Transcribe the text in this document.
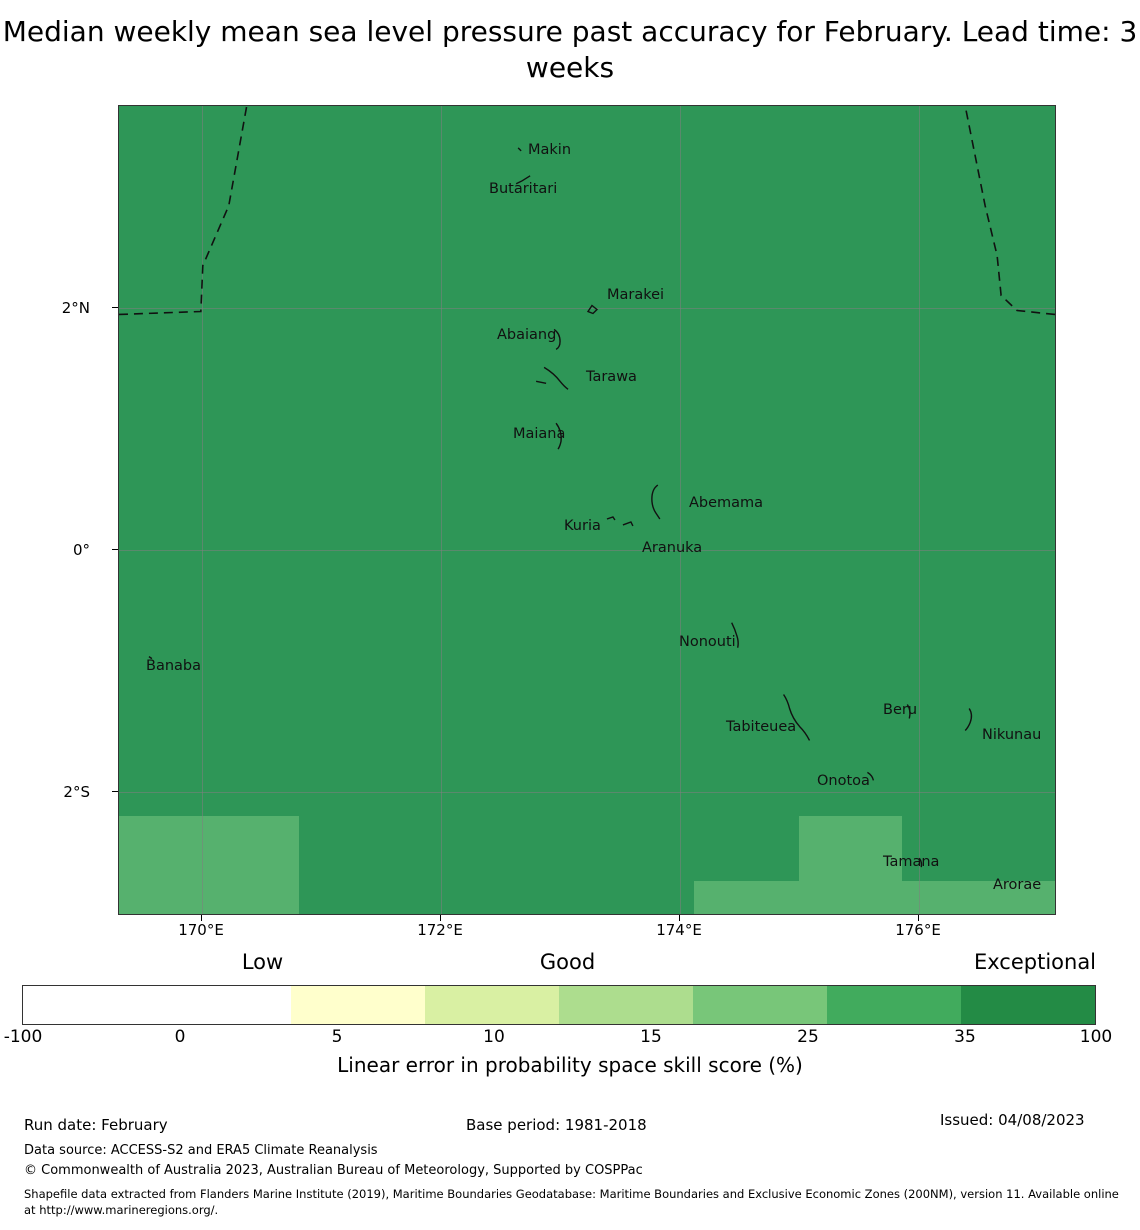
Median weekly mean sea level pressure past accuracy for February. Lead time: 3 weeks
Makin
Butaritari
Marakei
Abaiang
Tarawa
Maiana
Abemama
Kuria
Aranuka
Nonouti
Banaba
Beru
Tabiteuea	Nikunau
Onotoa
Tamana
Arorae
2°N
0°
2°S
170°E	172°E	174°E	176°E
Low	Good	Exceptional
-100	0	5	10	15	25	35	100
Linear error in probability space skill score (%)
Run date: February	Base period: 1981-2018	Issued: 04/08/2023
Data source: ACCESS-S2 and ERA5 Climate Reanalysis
© Commonwealth of Australia 2023, Australian Bureau of Meteorology, Supported by COSPPac
Shapefile data extracted from Flanders Marine Institute (2019), Maritime Boundaries Geodatabase: Maritime Boundaries and Exclusive Economic Zones (200NM), version 11. Available online at http://www.marineregions.org/.
